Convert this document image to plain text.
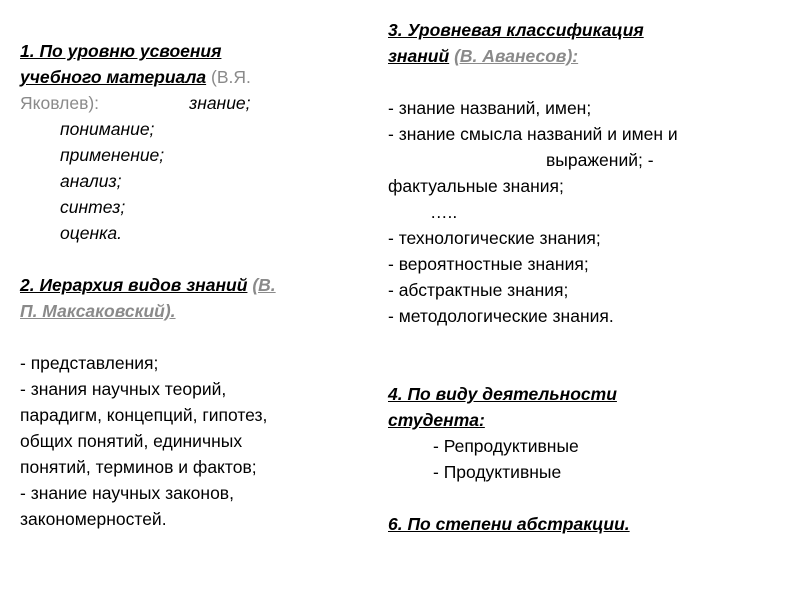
1. По уровню усвоения
учебного материала (В.Я.
Яковлев):	знание;
понимание;
применение;
анализ;
синтез;
оценка.
2. Иерархия видов знаний (В.
П. Максаковский).
- представления;
- знания научных теорий,
парадигм, концепций, гипотез,
общих понятий, единичных
понятий, терминов и фактов;
- знание научных законов,
закономерностей.
3. Уровневая классификация
знаний (В. Аванесов):
- знание названий, имен;
- знание смысла названий и имен и
выражений; -
фактуальные знания;
…..
- технологические знания;
- вероятностные знания;
- абстрактные знания;
- методологические знания.
4. По виду деятельности
студента:
- Репродуктивные
- Продуктивные
6. По степени абстракции.
